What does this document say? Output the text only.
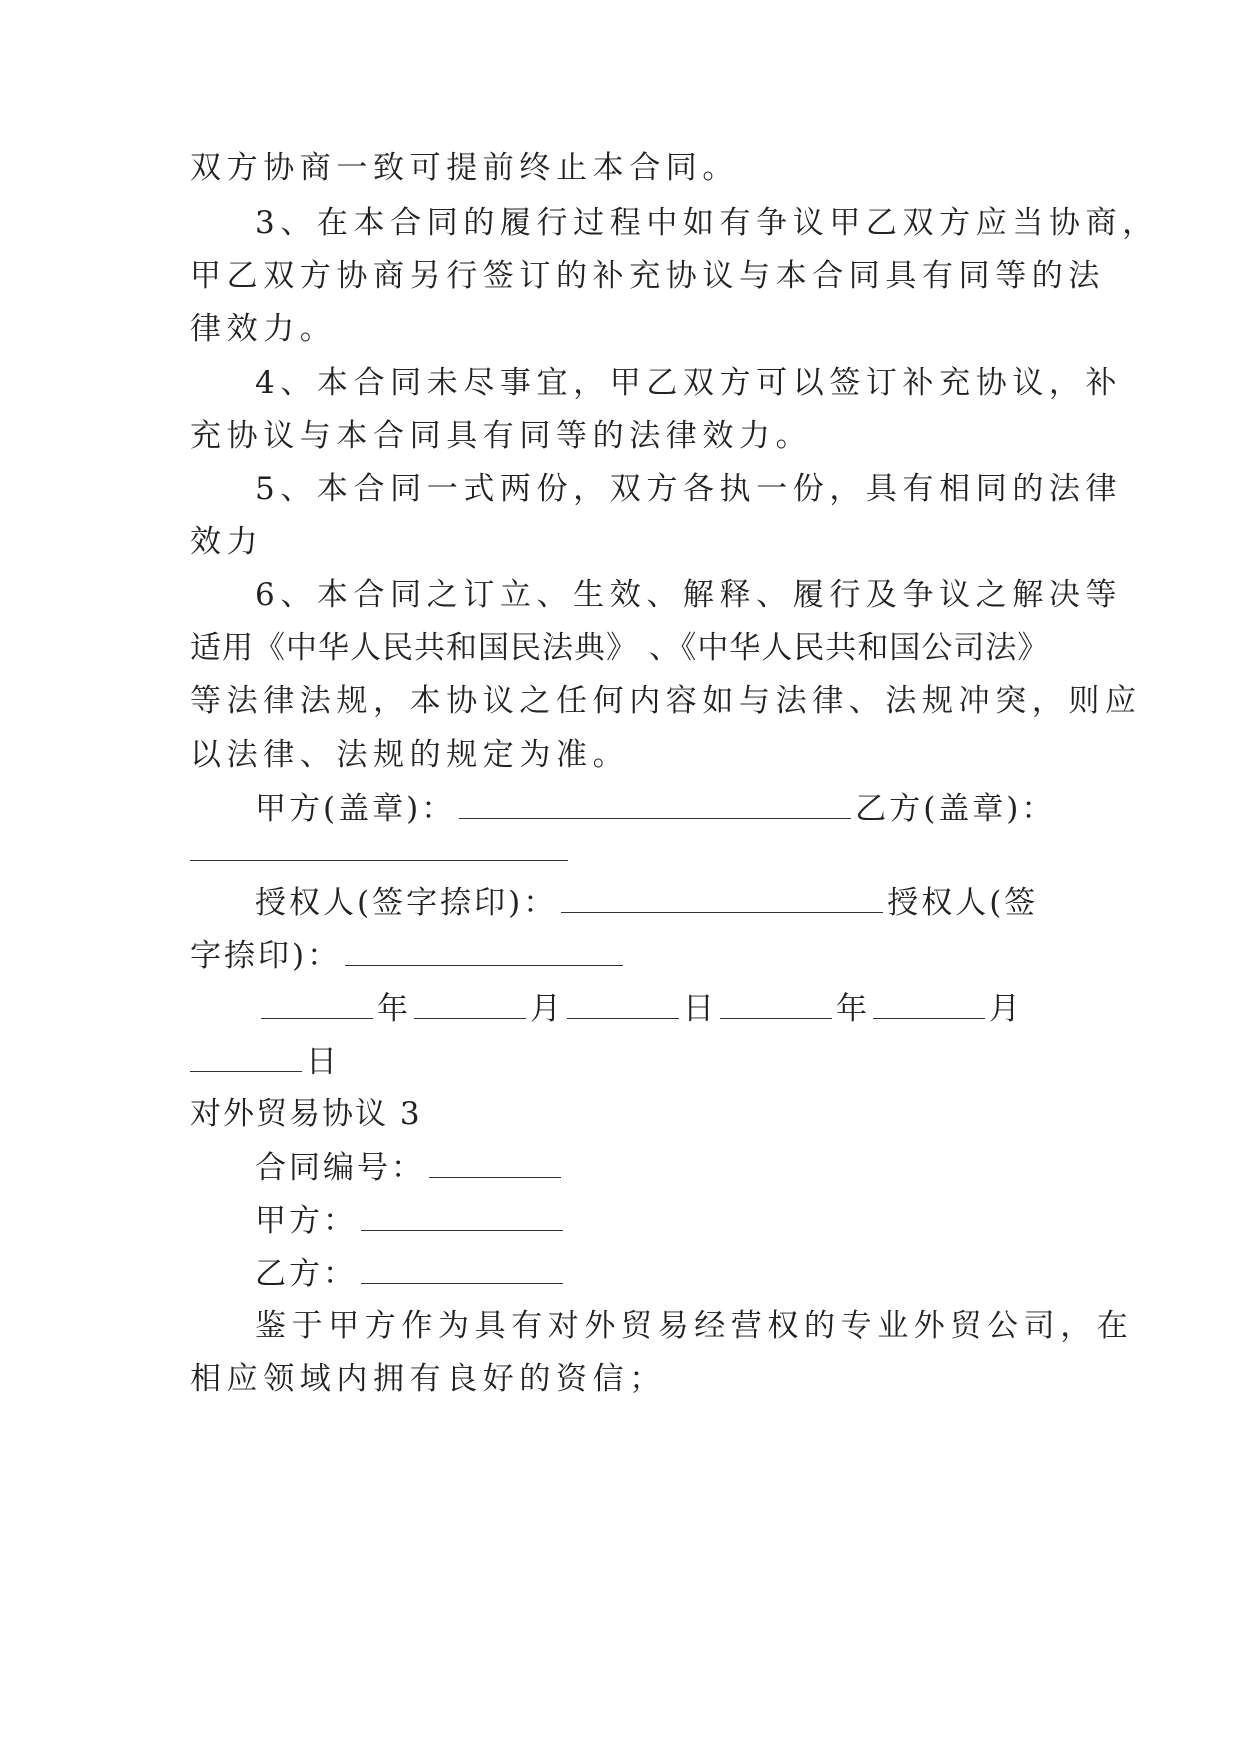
双方协商一致可提前终止本合同。
3、在本合同的履行过程中如有争议甲乙双方应当协商，
甲乙双方协商另行签订的补充协议与本合同具有同等的法
律效力。
4、本合同未尽事宜，甲乙双方可以签订补充协议，补
充协议与本合同具有同等的法律效力。
5、本合同一式两份，双方各执一份，具有相同的法律
效力
6、本合同之订立、生效、解释、履行及争议之解决等
适用《中华人民共和国民法典》 、《中华人民共和国公司法》
等法律法规，本协议之任何内容如与法律、法规冲突，则应
以法律、法规的规定为准。
甲方(盖章)：	乙方(盖章)：
授权人(签字捺印)：	授权人(签
字捺印)：
年	月	日	年	月
日
对外贸易协议 3
合同编号：
甲方：
乙方：
鉴于甲方作为具有对外贸易经营权的专业外贸公司，在
相应领域内拥有良好的资信；
